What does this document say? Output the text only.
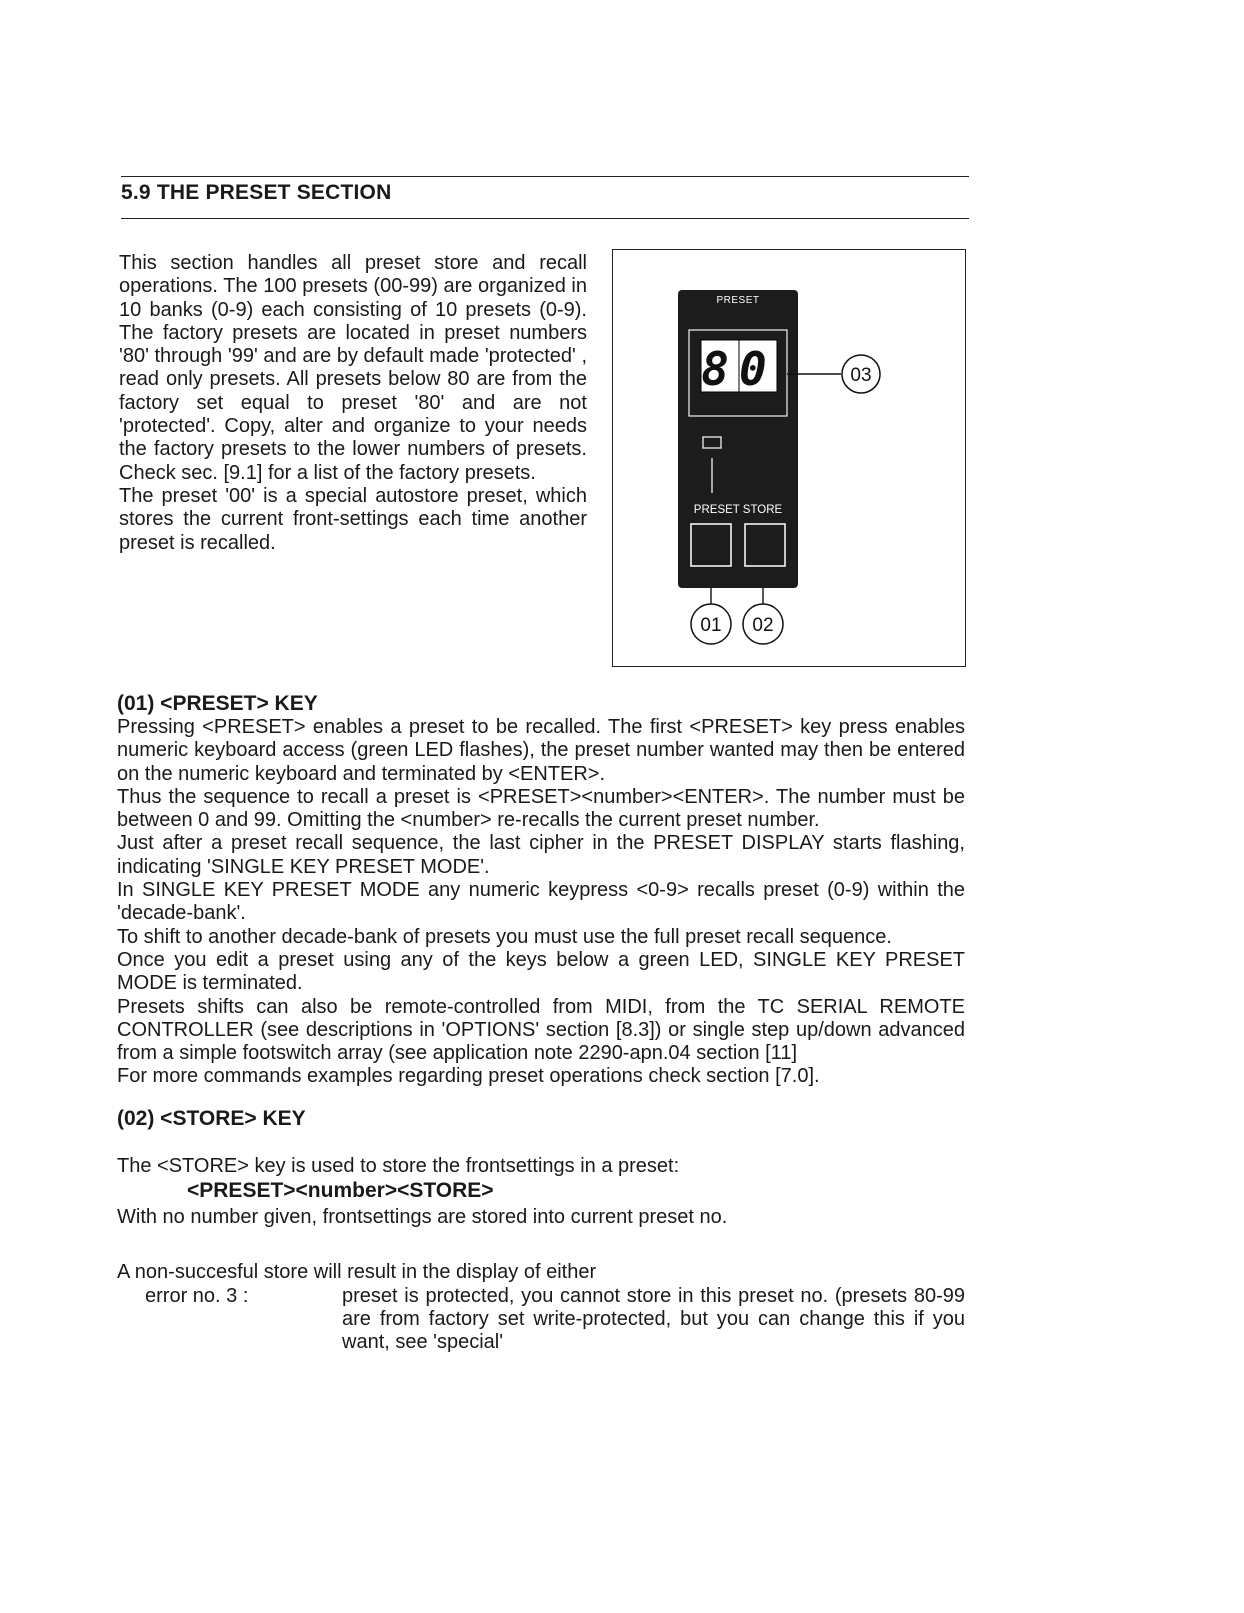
5.9 THE PRESET SECTION

This section handles all preset store and recall operations. The 100 presets (00-99) are organized in 10 banks (0-9) each consisting of 10 presets (0-9). The factory presets are located in preset numbers '80' through '99' and are by default made 'protected' , read only presets. All presets below 80 are from the factory set equal to preset '80' and are not 'protected'. Copy, alter and organize to your needs the factory presets to the lower numbers of presets. Check sec. [9.1] for a list of the factory presets.

The preset '00' is a special autostore preset, which stores the current front-settings each time another preset is recalled.

PRESET
80	03
PRESET STORE
01 02
(01) <PRESET> KEY

Pressing <PRESET> enables a preset to be recalled. The first <PRESET> key press enables numeric keyboard access (green LED flashes), the preset number wanted may then be entered on the numeric keyboard and terminated by <ENTER>.

Thus the sequence to recall a preset is <PRESET><number><ENTER>. The number must be between 0 and 99. Omitting the <number> re-recalls the current preset number.

Just after a preset recall sequence, the last cipher in the PRESET DISPLAY starts flashing, indicating 'SINGLE KEY PRESET MODE'.

In SINGLE KEY PRESET MODE any numeric keypress <0-9> recalls preset (0-9) within the 'decade-bank'.

To shift to another decade-bank of presets you must use the full preset recall sequence.

Once you edit a preset using any of the keys below a green LED, SINGLE KEY PRESET MODE is terminated.

Presets shifts can also be remote-controlled from MIDI, from the TC SERIAL REMOTE CONTROLLER (see descriptions in 'OPTIONS' section [8.3]) or single step up/down advanced from a simple footswitch array (see application note 2290-apn.04 section [11]

For more commands examples regarding preset operations check section [7.0].

(02) <STORE> KEY

The <STORE> key is used to store the frontsettings in a preset:

<PRESET><number><STORE>

With no number given, frontsettings are stored into current preset no.

A non-succesful store will result in the display of either

error no. 3 :	preset is protected, you cannot store in this preset no. (presets 80-99 are from factory set write-protected, but you can change this if you want, see 'special'
